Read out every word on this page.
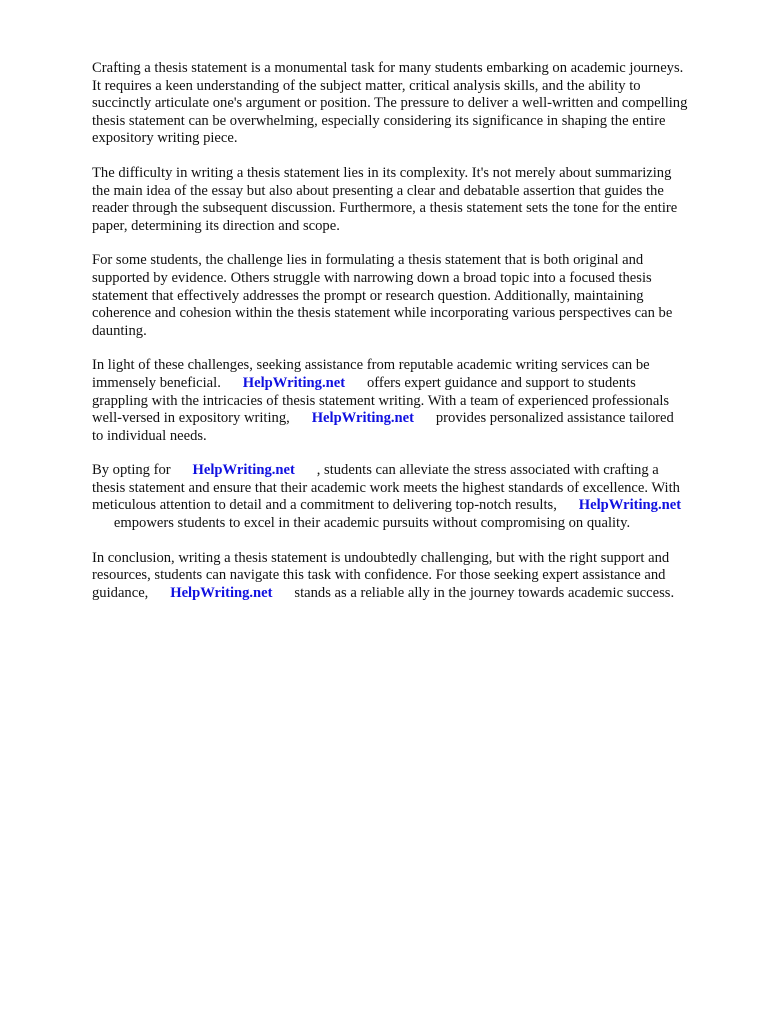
Crafting a thesis statement is a monumental task for many students embarking on academic journeys.
It requires a keen understanding of the subject matter, critical analysis skills, and the ability to
succinctly articulate one's argument or position. The pressure to deliver a well-written and compelling
thesis statement can be overwhelming, especially considering its significance in shaping the entire
expository writing piece.
The difficulty in writing a thesis statement lies in its complexity. It's not merely about summarizing
the main idea of the essay but also about presenting a clear and debatable assertion that guides the
reader through the subsequent discussion. Furthermore, a thesis statement sets the tone for the entire
paper, determining its direction and scope.
For some students, the challenge lies in formulating a thesis statement that is both original and
supported by evidence. Others struggle with narrowing down a broad topic into a focused thesis
statement that effectively addresses the prompt or research question. Additionally, maintaining
coherence and cohesion within the thesis statement while incorporating various perspectives can be
daunting.
In light of these challenges, seeking assistance from reputable academic writing services can be
immensely beneficial.      HelpWriting.net      offers expert guidance and support to students
grappling with the intricacies of thesis statement writing. With a team of experienced professionals
well-versed in expository writing,      HelpWriting.net      provides personalized assistance tailored
to individual needs.
By opting for      HelpWriting.net      , students can alleviate the stress associated with crafting a
thesis statement and ensure that their academic work meets the highest standards of excellence. With
meticulous attention to detail and a commitment to delivering top-notch results,      HelpWriting.net
empowers students to excel in their academic pursuits without compromising on quality.
In conclusion, writing a thesis statement is undoubtedly challenging, but with the right support and
resources, students can navigate this task with confidence. For those seeking expert assistance and
guidance,      HelpWriting.net      stands as a reliable ally in the journey towards academic success.
